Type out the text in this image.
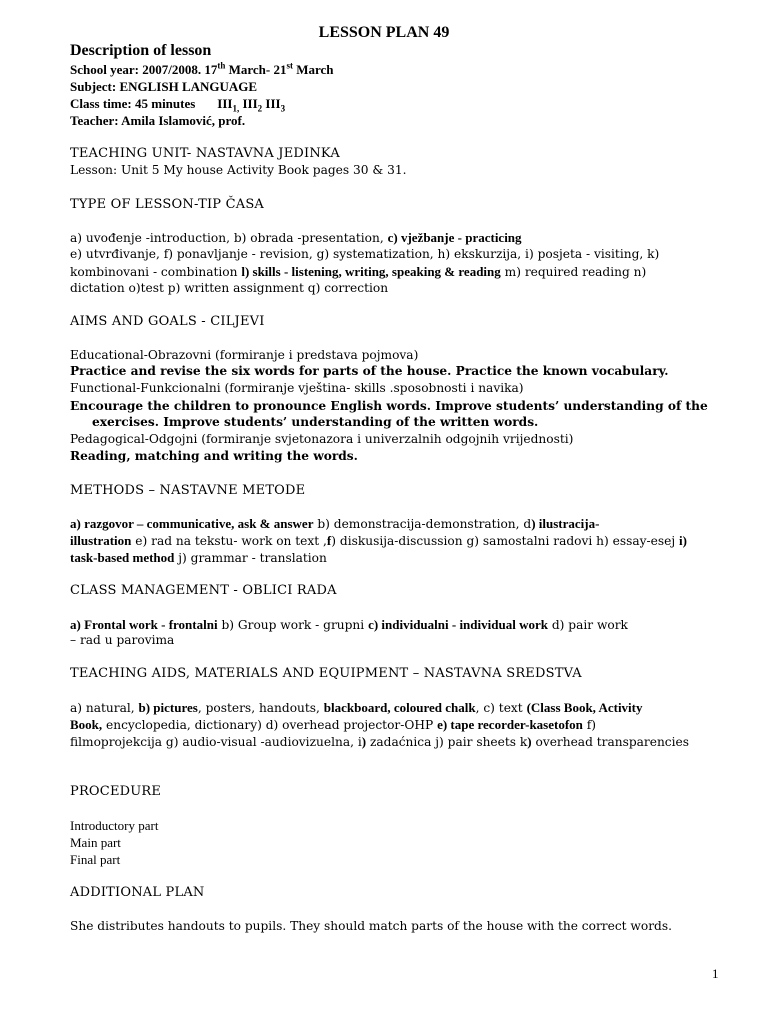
LESSON PLAN 49
Description of lesson
School year: 2007/2008. 17th March- 21st March
Subject: ENGLISH LANGUAGE
Class time: 45 minutes $III_{1,}$ $III_2$ $III_3$
Teacher: Amila Islamović, prof.
TEACHING UNIT- NASTAVNA JEDINKA
Lesson: Unit 5 My house Activity Book pages 30 & 31.
TYPE OF LESSON-TIP ČASA
a) uvođenje -introduction, b) obrada -presentation, c) vježbanje - practicing
e) utvrđivanje, f) ponavljanje - revision, g) systematization, h) ekskurzija, i) posjeta - visiting, k)
kombinovani - combination l) skills - listening, writing, speaking & reading m) required reading n)
dictation o)test p) written assignment q) correction
AIMS AND GOALS - CILJEVI
Educational-Obrazovni (formiranje i predstava pojmova)
Practice and revise the six words for parts of the house. Practice the known vocabulary.
Functional-Funkcionalni (formiranje vještina- skills .sposobnosti i navika)
Encourage the children to pronounce English words. Improve students’ understanding of the
exercises. Improve students’ understanding of the written words.
Pedagogical-Odgojni (formiranje svjetonazora i univerzalnih odgojnih vrijednosti)
Reading, matching and writing the words.
METHODS – NASTAVNE METODE
a) razgovor – communicative, ask & answer b) demonstracija-demonstration, d) ilustracija-
illustration e) rad na tekstu- work on text ,f) diskusija-discussion g) samostalni radovi h) essay-esej i)
task-based method j) grammar - translation
CLASS MANAGEMENT - OBLICI RADA
a) Frontal work - frontalni b) Group work - grupni c) individualni - individual work d) pair work
– rad u parovima
TEACHING AIDS, MATERIALS AND EQUIPMENT – NASTAVNA SREDSTVA
a) natural, b) pictures, posters, handouts, blackboard, coloured chalk, c) text (Class Book, Activity
Book, encyclopedia, dictionary) d) overhead projector-OHP e) tape recorder-kasetofon f)
filmoprojekcija g) audio-visual -audiovizuelna, i) zadaćnica j) pair sheets k) overhead transparencies
PROCEDURE
Introductory part
Main part
Final part
ADDITIONAL PLAN
She distributes handouts to pupils. They should match parts of the house with the correct words.
1
